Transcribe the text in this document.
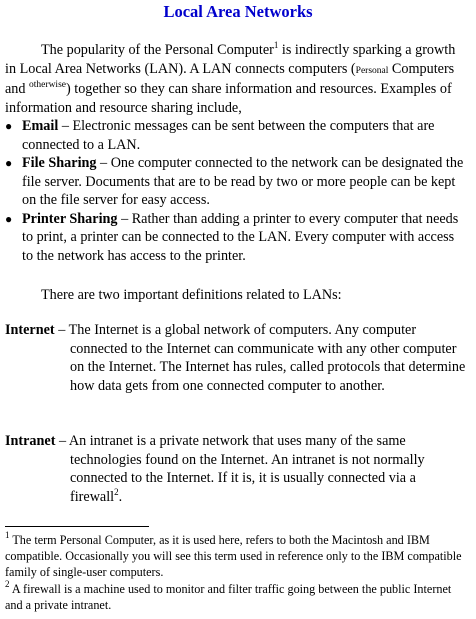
Local Area Networks

The popularity of the Personal Computer$^1$ is indirectly sparking a growth in Local Area Networks (LAN). A LAN connects computers (Personal Computers and $^{otherwise}$) together so they can share information and resources. Examples of information and resource sharing include,

● Email – Electronic messages can be sent between the computers that are connected to a LAN.
● File Sharing – One computer connected to the network can be designated the file server. Documents that are to be read by two or more people can be kept on the file server for easy access.
● Printer Sharing – Rather than adding a printer to every computer that needs to print, a printer can be connected to the LAN. Every computer with access to the network has access to the printer.

There are two important definitions related to LANs:

Internet – The Internet is a global network of computers. Any computer connected to the Internet can communicate with any other computer on the Internet. The Internet has rules, called protocols that determine how data gets from one connected computer to another.
Intranet – An intranet is a private network that uses many of the same technologies found on the Internet. An intranet is not normally connected to the Internet. If it is, it is usually connected via a firewall$^2$.
$^1$ The term Personal Computer, as it is used here, refers to both the Macintosh and IBM compatible. Occasionally you will see this term used in reference only to the IBM compatible family of single-user computers.
$^2$ A firewall is a machine used to monitor and filter traffic going between the public Internet and a private intranet.
